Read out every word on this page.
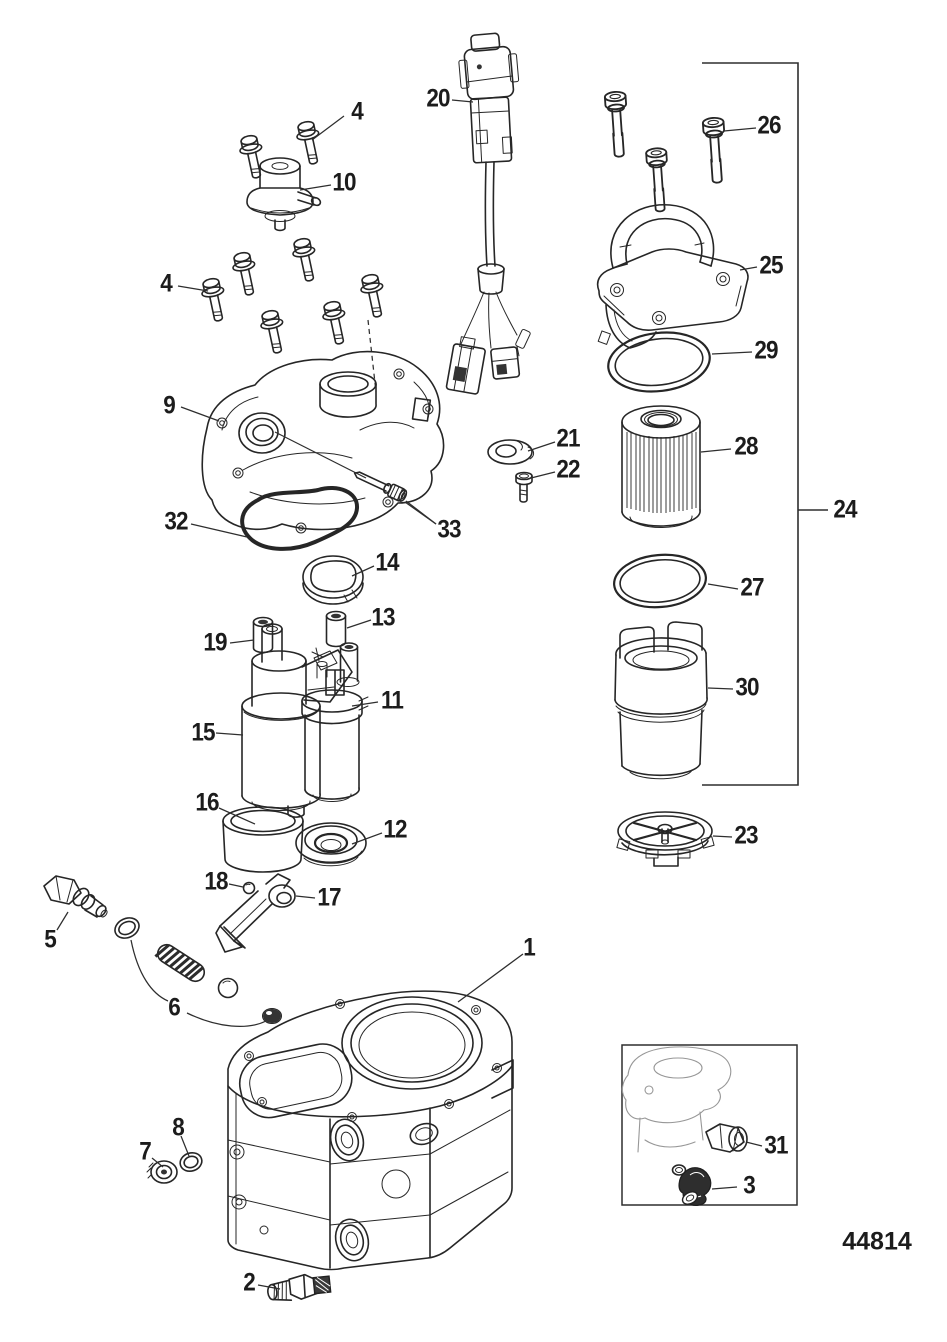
1
2
3
4
4
5
6
7
8
9
10
11
12
13
14
15
16
17
18
19
20
21
22
23
24
25
26
27
28
29
30
31
32	33
44814
